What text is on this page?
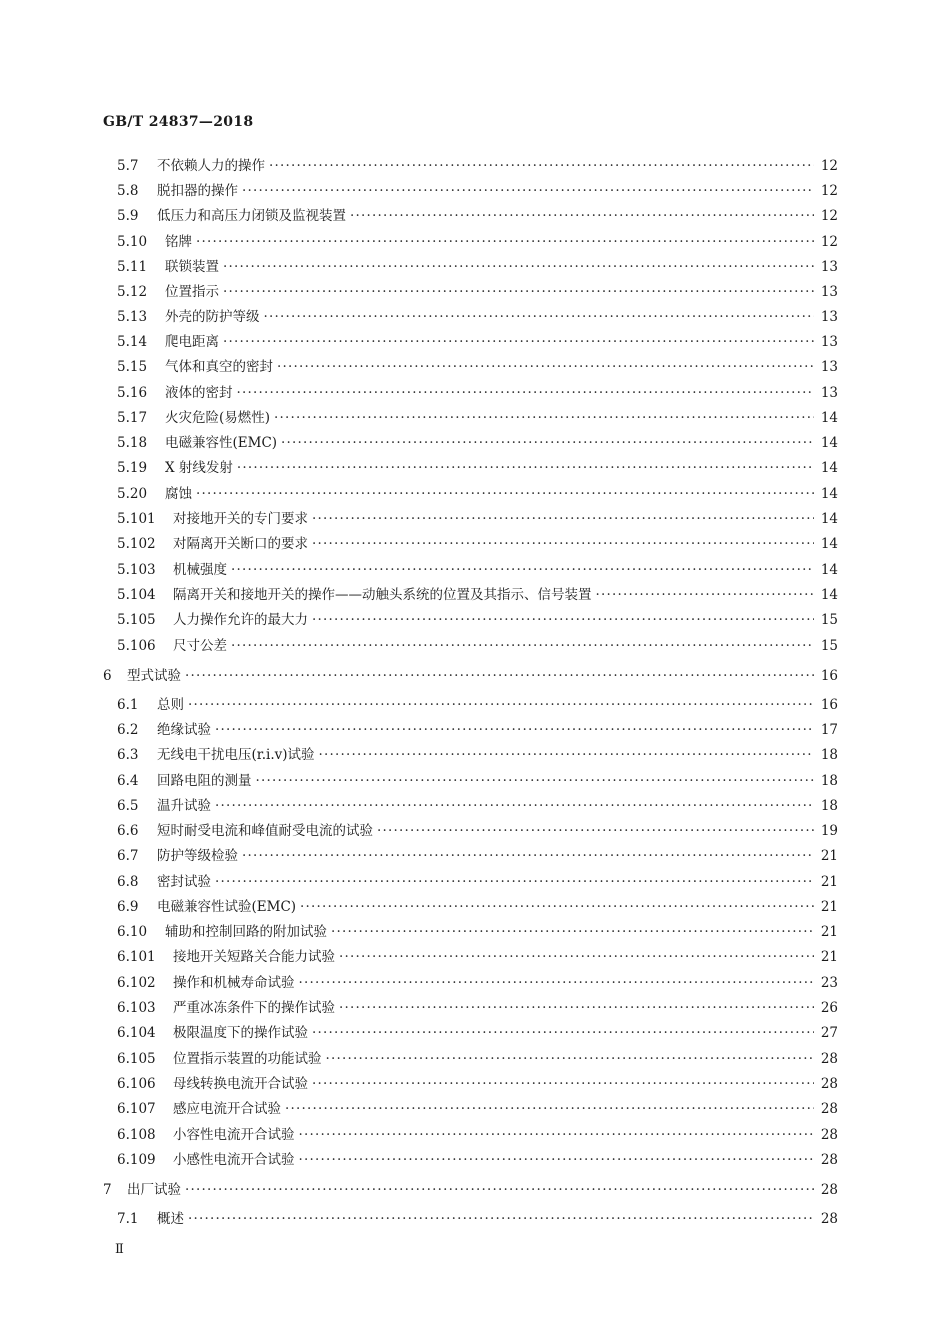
GB/T 24837—2018
5.7	不依赖人力的操作 ·····	12
5.8	脱扣器的操作 ·····	12
5.9	低压力和高压力闭锁及监视装置 ·····	12
5.10	铭牌 ·····	12
5.11	联锁装置 ·····	13
5.12	位置指示 ·····	13
5.13	外壳的防护等级 ·····	13
5.14	爬电距离 ·····	13
5.15	气体和真空的密封 ·····	13
5.16	液体的密封 ·····	13
5.17	火灾危险(易燃性) ·····	14
5.18	电磁兼容性(EMC) ·····	14
5.19	X 射线发射 ·····	14
5.20	腐蚀 ·····	14
5.101	对接地开关的专门要求 ·····	14
5.102	对隔离开关断口的要求 ·····	14
5.103	机械强度 ·····	14
5.104	隔离开关和接地开关的操作——动触头系统的位置及其指示、信号装置 ·····	14
5.105	人力操作允许的最大力 ·····	15
5.106	尺寸公差 ·····	15
6	型式试验 ·····	16
6.1	总则 ·····	16
6.2	绝缘试验 ·····	17
6.3	无线电干扰电压(r.i.v)试验 ·····	18
6.4	回路电阻的测量 ·····	18
6.5	温升试验 ·····	18
6.6	短时耐受电流和峰值耐受电流的试验 ·····	19
6.7	防护等级检验 ·····	21
6.8	密封试验 ·····	21
6.9	电磁兼容性试验(EMC) ·····	21
6.10	辅助和控制回路的附加试验 ·····	21
6.101	接地开关短路关合能力试验 ·····	21
6.102	操作和机械寿命试验 ·····	23
6.103	严重冰冻条件下的操作试验 ·····	26
6.104	极限温度下的操作试验 ·····	27
6.105	位置指示装置的功能试验 ·····	28
6.106	母线转换电流开合试验 ·····	28
6.107	感应电流开合试验 ·····	28
6.108	小容性电流开合试验 ·····	28
6.109	小感性电流开合试验 ·····	28
7	出厂试验 ·····	28
7.1	概述 ·····	28
Ⅱ
